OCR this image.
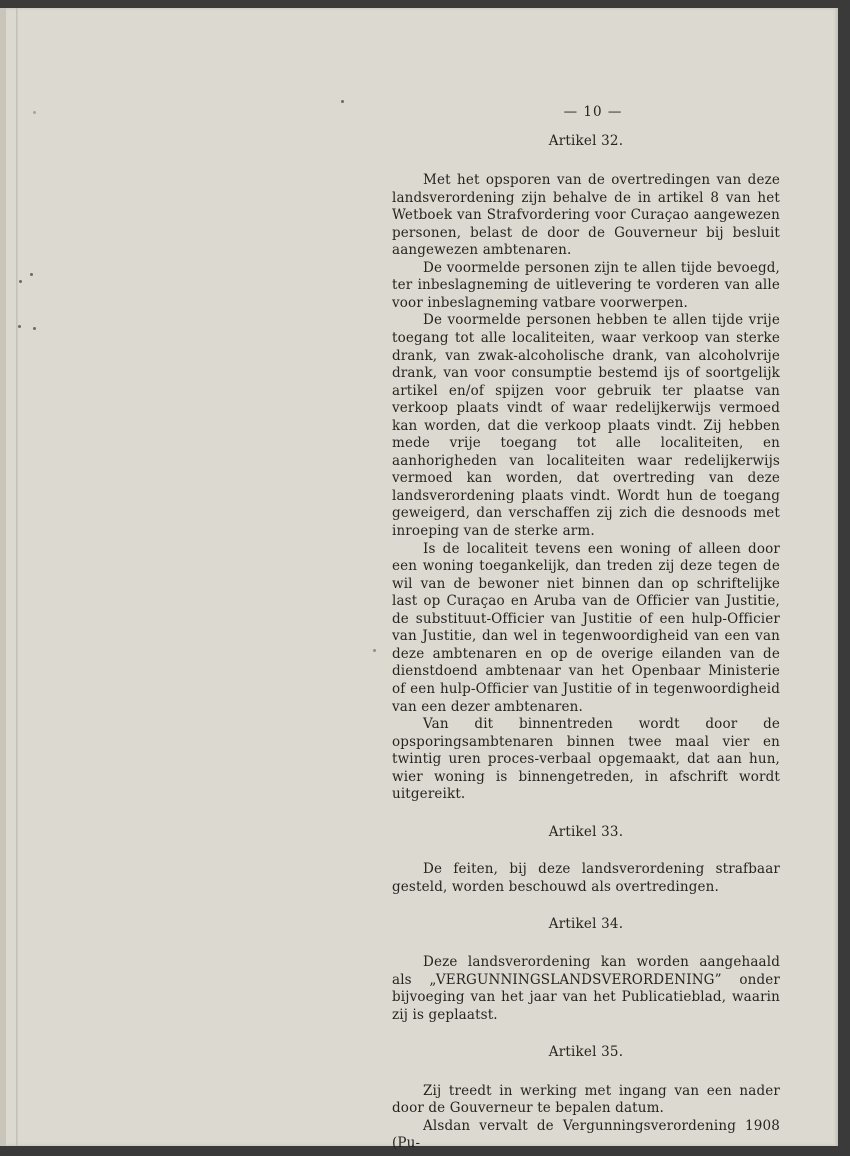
— 10 —
Artikel 32.

Met het opsporen van de overtredingen van deze landsverordening zijn behalve de in artikel 8 van het Wetboek van Strafvordering voor Curaçao aangewezen personen, belast de door de Gouverneur bij besluit aangewezen ambtenaren.

De voormelde personen zijn te allen tijde bevoegd, ter inbeslagneming de uitlevering te vorderen van alle voor inbeslagneming vatbare voorwerpen.

De voormelde personen hebben te allen tijde vrije toegang tot alle localiteiten, waar verkoop van sterke drank, van zwak-alcoholische drank, van alcoholvrije drank, van voor consumptie bestemd ijs of soortgelijk artikel en/of spijzen voor gebruik ter plaatse van verkoop plaats vindt of waar redelijkerwijs vermoed kan worden, dat die verkoop plaats vindt. Zij hebben mede vrije toegang tot alle localiteiten, en aanhorigheden van localiteiten waar redelijkerwijs vermoed kan worden, dat overtreding van deze landsverordening plaats vindt. Wordt hun de toegang geweigerd, dan verschaffen zij zich die desnoods met inroeping van de sterke arm.

Is de localiteit tevens een woning of alleen door een woning toegankelijk, dan treden zij deze tegen de wil van de bewoner niet binnen dan op schriftelijke last op Curaçao en Aruba van de Officier van Justitie, de substituut-Officier van Justitie of een hulp-Officier van Justitie, dan wel in tegenwoordigheid van een van deze ambtenaren en op de overige eilanden van de dienstdoend ambtenaar van het Openbaar Ministerie of een hulp-Officier van Justitie of in tegenwoordigheid van een dezer ambtenaren.

Van dit binnentreden wordt door de opsporingsambtenaren binnen twee maal vier en twintig uren proces-verbaal opgemaakt, dat aan hun, wier woning is binnengetreden, in afschrift wordt uitgereikt.

Artikel 33.

De feiten, bij deze landsverordening strafbaar gesteld, worden beschouwd als overtredingen.

Artikel 34.

Deze landsverordening kan worden aangehaald als „VERGUNNINGSLANDSVERORDENING” onder bijvoeging van het jaar van het Publicatieblad, waarin zij is geplaatst.

Artikel 35.

Zij treedt in werking met ingang van een nader door de Gouverneur te bepalen datum.

Alsdan vervalt de Vergunningsverordening 1908 (Pu-
